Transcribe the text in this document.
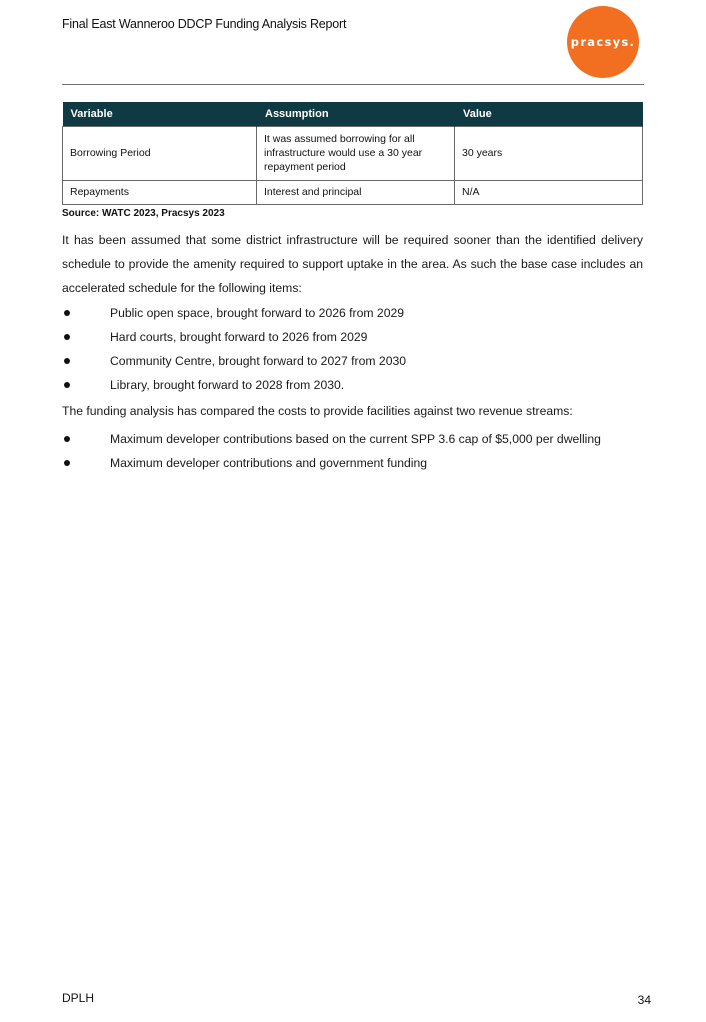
Final East Wanneroo DDCP Funding Analysis Report
pracsys.
Variable	Assumption	Value
Borrowing Period	It was assumed borrowing for all infrastructure would use a 30 year repayment period	30 years
Repayments	Interest and principal	N/A
Source: WATC 2023, Pracsys 2023

It has been assumed that some district infrastructure will be required sooner than the identified delivery schedule to provide the amenity required to support uptake in the area. As such the base case includes an accelerated schedule for the following items:

Public open space, brought forward to 2026 from 2029
Hard courts, brought forward to 2026 from 2029
Community Centre, brought forward to 2027 from 2030
Library, brought forward to 2028 from 2030.

The funding analysis has compared the costs to provide facilities against two revenue streams:

Maximum developer contributions based on the current SPP 3.6 cap of $5,000 per dwelling
Maximum developer contributions and government funding
DPLH	34
